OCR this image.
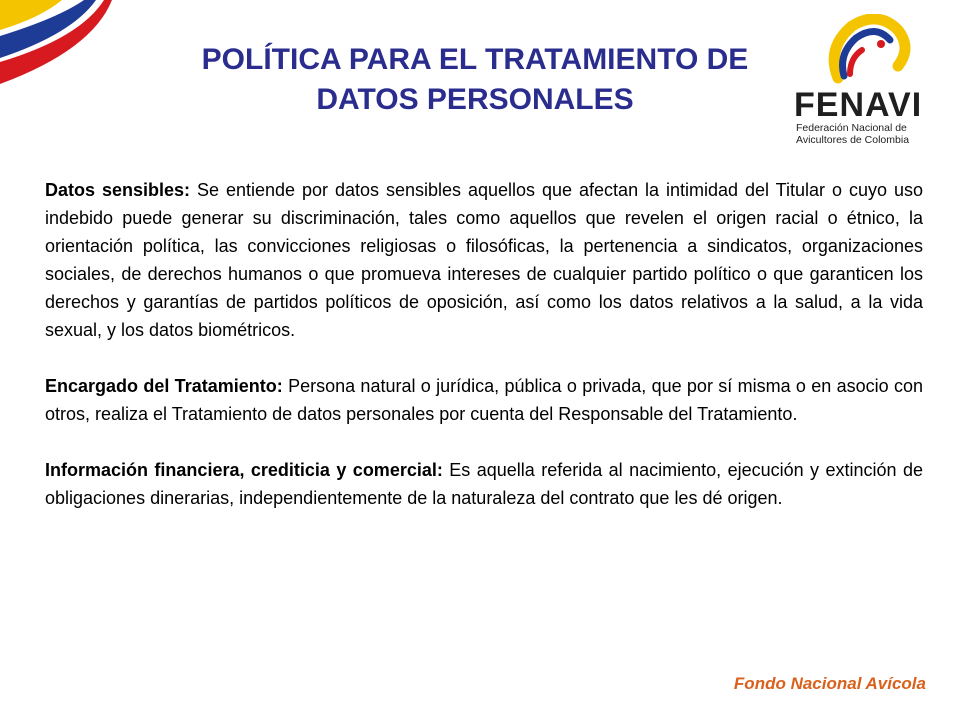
POLÍTICA PARA EL TRATAMIENTO DE
DATOS PERSONALES	FENAVI
Federación Nacional de
Avicultores de Colombia

Datos sensibles: Se entiende por datos sensibles aquellos que afectan la intimidad del Titular o cuyo uso indebido puede generar su discriminación, tales como aquellos que revelen el origen racial o étnico, la orientación política, las convicciones religiosas o filosóficas, la pertenencia a sindicatos, organizaciones sociales, de derechos humanos o que promueva intereses de cualquier partido político o que garanticen los derechos y garantías de partidos políticos de oposición, así como los datos relativos a la salud, a la vida sexual, y los datos biométricos.

Encargado del Tratamiento: Persona natural o jurídica, pública o privada, que por sí misma o en asocio con otros, realiza el Tratamiento de datos personales por cuenta del Responsable del Tratamiento.

Información financiera, crediticia y comercial: Es aquella referida al nacimiento, ejecución y extinción de obligaciones dinerarias, independientemente de la naturaleza del contrato que les dé origen.

Fondo Nacional Avícola
